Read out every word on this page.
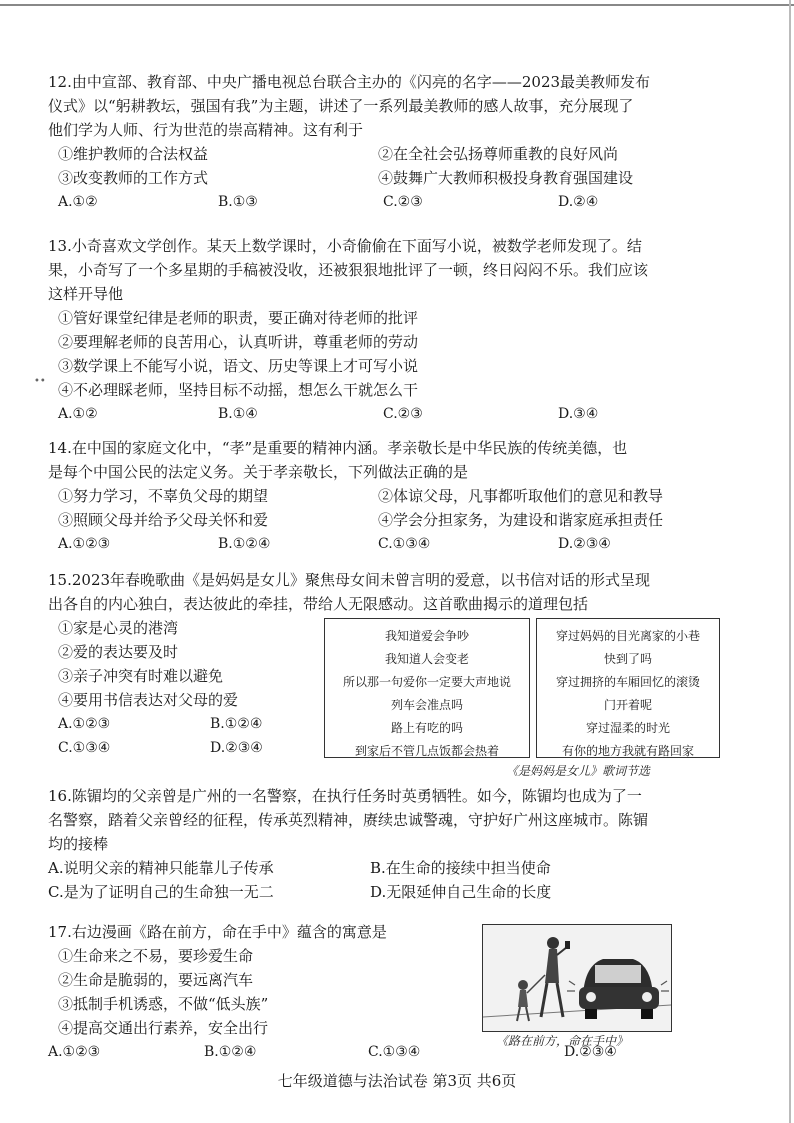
••
12.由中宣部、教育部、中央广播电视总台联合主办的《闪亮的名字——2023最美教师发布
仪式》以“躬耕教坛，强国有我”为主题，讲述了一系列最美教师的感人故事，充分展现了
他们学为人师、行为世范的崇高精神。这有利于
①维护教师的合法权益	②在全社会弘扬尊师重教的良好风尚
③改变教师的工作方式	④鼓舞广大教师积极投身教育强国建设
A.①②	B.①③	C.②③	D.②④
13.小奇喜欢文学创作。某天上数学课时，小奇偷偷在下面写小说，被数学老师发现了。结
果，小奇写了一个多星期的手稿被没收，还被狠狠地批评了一顿，终日闷闷不乐。我们应该
这样开导他
①管好课堂纪律是老师的职责，要正确对待老师的批评
②要理解老师的良苦用心，认真听讲，尊重老师的劳动
③数学课上不能写小说，语文、历史等课上才可写小说
④不必理睬老师，坚持目标不动摇，想怎么干就怎么干
A.①②	B.①④	C.②③	D.③④
14.在中国的家庭文化中，“孝”是重要的精神内涵。孝亲敬长是中华民族的传统美德，也
是每个中国公民的法定义务。关于孝亲敬长，下列做法正确的是
①努力学习，不辜负父母的期望	②体谅父母，凡事都听取他们的意见和教导
③照顾父母并给予父母关怀和爱	④学会分担家务，为建设和谐家庭承担责任
A.①②③	B.①②④	C.①③④	D.②③④
15.2023年春晚歌曲《是妈妈是女儿》聚焦母女间未曾言明的爱意，以书信对话的形式呈现
出各自的内心独白，表达彼此的牵挂，带给人无限感动。这首歌曲揭示的道理包括
①家是心灵的港湾
②爱的表达要及时
③亲子冲突有时难以避免
④要用书信表达对父母的爱
A.①②③	B.①②④
C.①③④	D.②③④
我知道爱会争吵
我知道人会变老
所以那一句爱你一定要大声地说
列车会准点吗
路上有吃的吗
到家后不管几点饭都会热着
穿过妈妈的目光离家的小巷
快到了吗
穿过拥挤的车厢回忆的滚烫
门开着呢
穿过湿柔的时光
有你的地方我就有路回家
《是妈妈是女儿》歌词节选
16.陈镅均的父亲曾是广州的一名警察，在执行任务时英勇牺牲。如今，陈镅均也成为了一
名警察，踏着父亲曾经的征程，传承英烈精神，赓续忠诚警魂，守护好广州这座城市。陈镅
均的接棒
A.说明父亲的精神只能靠儿子传承	B.在生命的接续中担当使命
C.是为了证明自己的生命独一无二	D.无限延伸自己生命的长度
17.右边漫画《路在前方，命在手中》蕴含的寓意是
①生命来之不易，要珍爱生命
②生命是脆弱的，要远离汽车
③抵制手机诱惑，不做“低头族”
④提高交通出行素养，安全出行
A.①②③	B.①②④	C.①③④	D.②③④
《路在前方，命在手中》
七年级道德与法治试卷 第3页 共6页
